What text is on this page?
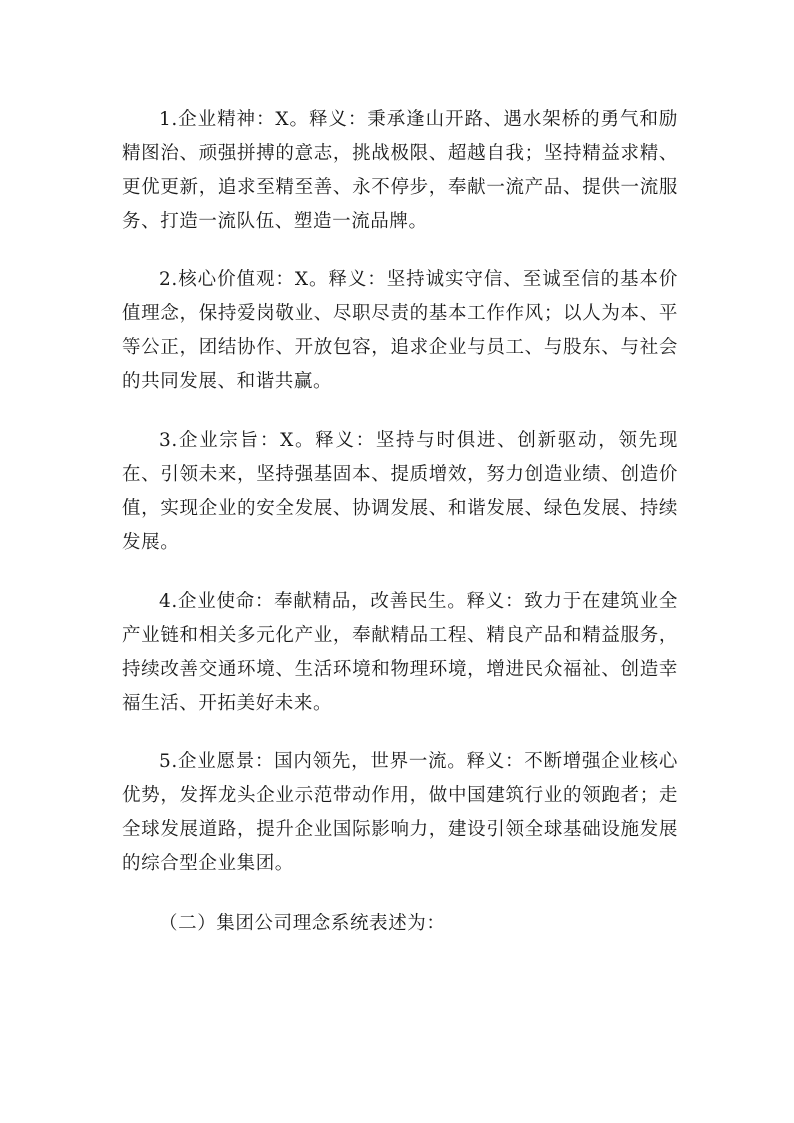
1.企业精神：X。释义：秉承逢山开路、遇水架桥的勇气和励精图治、顽强拼搏的意志，挑战极限、超越自我；坚持精益求精、更优更新，追求至精至善、永不停步，奉献一流产品、提供一流服务、打造一流队伍、塑造一流品牌。

2.核心价值观：X。释义：坚持诚实守信、至诚至信的基本价值理念，保持爱岗敬业、尽职尽责的基本工作作风；以人为本、平等公正，团结协作、开放包容，追求企业与员工、与股东、与社会的共同发展、和谐共赢。

3.企业宗旨：X。释义：坚持与时俱进、创新驱动，领先现在、引领未来，坚持强基固本、提质增效，努力创造业绩、创造价值，实现企业的安全发展、协调发展、和谐发展、绿色发展、持续发展。

4.企业使命：奉献精品，改善民生。释义：致力于在建筑业全产业链和相关多元化产业，奉献精品工程、精良产品和精益服务，持续改善交通环境、生活环境和物理环境，增进民众福祉、创造幸福生活、开拓美好未来。

5.企业愿景：国内领先，世界一流。释义：不断增强企业核心优势，发挥龙头企业示范带动作用，做中国建筑行业的领跑者；走全球发展道路，提升企业国际影响力，建设引领全球基础设施发展的综合型企业集团。

（二）集团公司理念系统表述为：
